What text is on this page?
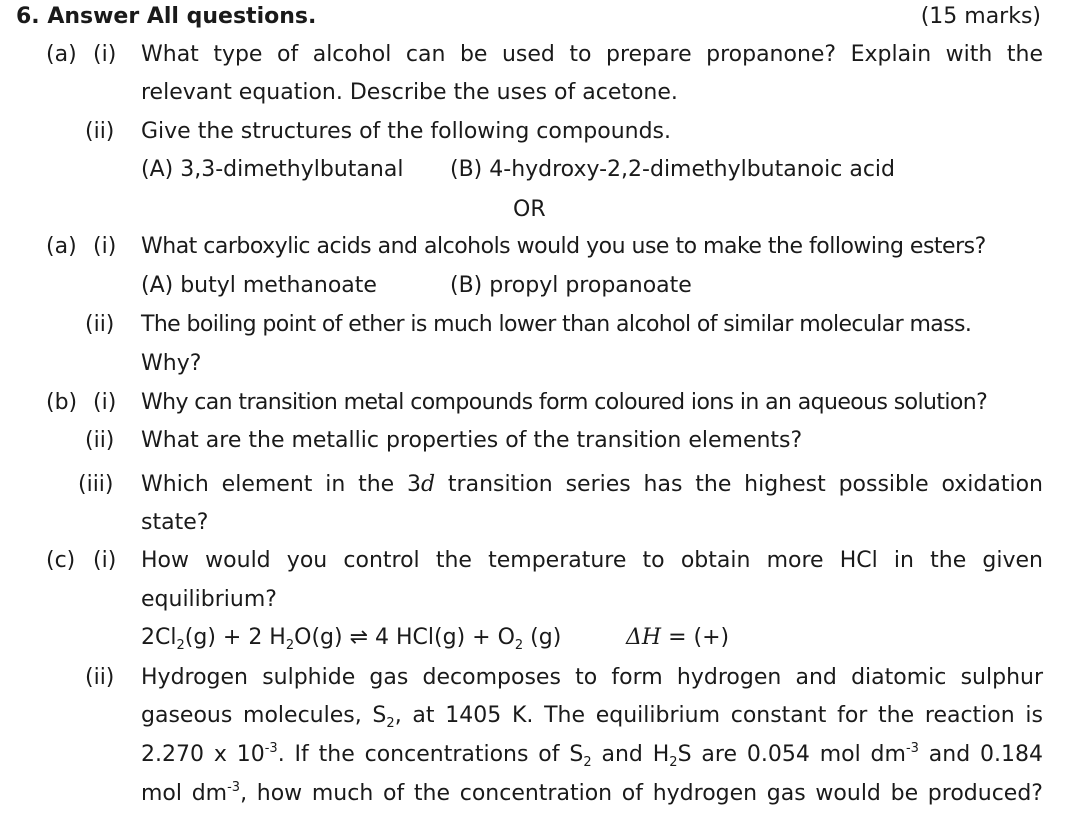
6. Answer All questions.	(15 marks)
(a) (i) What type of alcohol can be used to prepare propanone? Explain with the
relevant equation. Describe the uses of acetone.
(ii) Give the structures of the following compounds.
(A) 3,3-dimethylbutanal (B) 4-hydroxy-2,2-dimethylbutanoic acid
OR
(a) (i) What carboxylic acids and alcohols would you use to make the following esters?
(A) butyl methanoate	(B) propyl propanoate
(ii) The boiling point of ether is much lower than alcohol of similar molecular mass.
Why?
(b) (i) Why can transition metal compounds form coloured ions in an aqueous solution?
(ii) What are the metallic properties of the transition elements?
(iii) Which element in the 3d transition series has the highest possible oxidation
state?
(c) (i) How would you control the temperature to obtain more HCl in the given
equilibrium?
$2Cl_2(g) + 2$ $H_2O(g)$ ⇌ 4 $HCl(g) + O_2$ (g)	ΔH = (+)
(ii) Hydrogen sulphide gas decomposes to form hydrogen and diatomic sulphur
gaseous molecules, $S_2$, at 1405 K. The equilibrium constant for the reaction is
2.270 x $10^{-3}$. If the concentrations of $S_2$ and $H_2S$ are 0.054 mol $dm^{-3}$ and 0.184
mol $dm^{-3}$, how much of the concentration of hydrogen gas would be produced?
